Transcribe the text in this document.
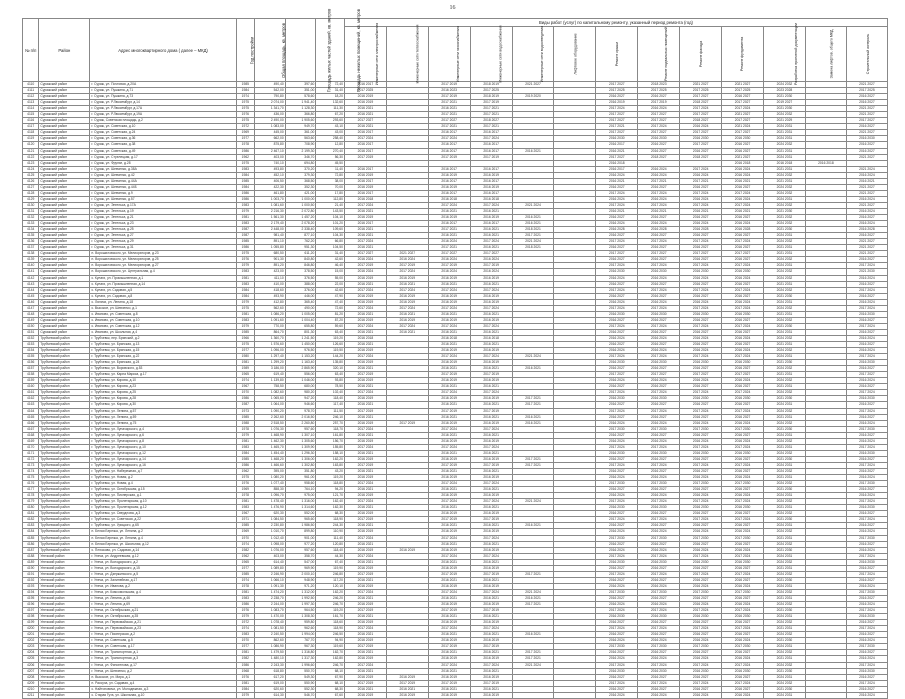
16
№ п/п	Район	Адрес многоквартирного дома ( далее – МКД)	Год постройки	Общая площадь, кв. метров	Площадь жилых частей зданий, кв. метров	Площадь нежилых помещений, кв. метров	Виды работ (услуг) по капитальному ремонту, указанный период ремонта (год)												
							Инженерные сети электроснабжения	Инженерные сети теплоснабжения	Инженерные сети газоснабжения	Инженерные сети водоснабжения	Инженерные сети водоотведения	Лифтовое оборудование	Ремонт крыши	Ремонт подвальных помещений	Ремонт фасада	Ремонт фундамента	Разработка проектной документации	Замена лифтов, общего МКД	Строительный контроль
4110	Суражский район	г. Сураж, ул. Почтовая, д.20А	1985	490,40	397,60	72,40	2016 2017		2017 2019	2018 2019	2021 2027		2017 2027	2018 2023	2021 2027	2021 2027	2024 2032		2021 2027
4111	Суражский район	г. Сураж, ул. Пушкина, д.71	1984	542,00	351,00	31,40	2017 2025		2016 2023	2017 2025			2017 2025	2017 2025	2017 2025	2017 2025	2023 2028		2017 2025
4112	Суражский район	г. Сураж, ул. Пушкина, д.73	1974	790,80	578,60	18,20	2016 2019		2017 2019	2018 2019	2019 2020		2016 2027	2016 2027	2017 2027	2016 2027	2021 2030		2016 2027
4113	Суражский район	г. Сураж, ул. Р.Люксембург, д.14	1975	2 074,00	1 941,40	132,60	2016 2019		2017 2021	2017 2019			2016 2019	2017 2019	2018 2027	2017 2027	2019 2027		2016 2027
4114	Суражский район	г. Сураж, ул. Р.Люксембург, д.17А	1975	1 341,70	1 128,30	111,30	2016 2021		2016 2021	2017 2021			2017 2024	2016 2024	2017 2024	2017 2024	2021 2030		2021 2027
4115	Суражский район	г. Сураж, ул. Р.Люксембург, д.19А	1976	436,00	366,80	67,20	2016 2021		2017 2021	2017 2021			2017 2027	2017 2027	2017 2027	2021 2027	2024 2032		2021 2027
4116	Суражский район	г. Сураж, Советская площадь, д.2	1975	2 490,00	1 905,60	293,60	2017 2027		2017 2027	2018 2027			2017 2027	2017 2027	2018 2027	2017 2027	2021 2029		2017 2027
4117	Суражский район	г. Сураж, ул. Советская, д.10	1972	1 083,00	949,70	43,10	2016 2021		2017 2021	2017 2021			2017 2021	2017 2024	2016 2024	2021 2024	2024 2031		2016 2027
4118	Суражский район	г. Сураж, ул. Советская, д.24	1969	445,00	361,00	43,00	2016 2017		2016 2017	2016 2017			2017 2027	2017 2027	2017 2027	2017 2027	2021 2031		2021 2027
4119	Суражский район	г. Сураж, ул. Советская, д.36	1977	662,00	563,60	258,40	2017 2024		2017 2024	2017 2024			2016 2030	2016 2030	2016 2030	2016 2030	2024 2031		2016 2030
4120	Суражский район	г. Сураж, ул. Советская, д.38	1978	875,80	708,90	12,80	2016 2017		2016 2017	2016 2017			2016 2017	2016 2027	2017 2027	2016 2027	2024 2032		2016 2027
4121	Суражский район	г. Сураж, ул. Советская, д.49	1986	2 467,10	2 199,30	270,40	2016 2017		2016 2017	2016 2017	2016 2021		2016 2021	2016 2027	2016 2027	2016 2027	2021 2031		2016 2027
4122	Суражский район	г. Сураж, ул. Стрелецкая, д.17	1962	403,00	346,70	56,30	2017 2019		2017 2019	2017 2019			2017 2027	2018 2027	2018 2027	2021 2027	2024 2031		2021 2027
4123	Суражский район	г. Сураж, ул. Фрунзе, д.28	1975	740,10	694,80	45,50							2016 2018			2016 2018	2016 2018	2016 2018	
4124	Суражский район	г. Сураж, ул. Шевченко, д.38А	1983	493,80	370,20	11,40	2016 2017		2016 2017	2016 2017			2016 2017	2016 2024	2017 2024	2016 2024	2021 2031		2021 2024
4125	Суражский район	г. Сураж, ул. Шевченко, д.42	1984	452,10	379,30	72,80	2016 2019		2016 2019	2016 2019			2016 2024	2016 2024	2016 2024	2016 2024	2024 2032		2016 2024
4126	Суражский район	г. Сураж, ул. Шевченко, д.44А	1985	406,50	368,50	38,00	2016 2017		2016 2017	2016 2017			2016 2021	2017 2021	2017 2021	2016 2021	2021 2031		2016 2021
4127	Суражский район	г. Сураж, ул. Шевченко, д.44Б	1984	422,30	352,30	70,00	2016 2019		2016 2019	2016 2019			2016 2027	2016 2027	2016 2027	2016 2027	2024 2032		2021 2027
4128	Суражский район	г. Сураж, ул. Шевченко, д.9	1986	461,80	421,00	17,80	2016 2017		2016 2017	2016 2017			2017 2024	2017 2024	2017 2024	2017 2024	2024 2032		2021 2027
4129	Суражский район	г. Сураж, ул. Шевченко, д.57	1986	1 003,70	1 000,00	112,80	2016 2018		2016 2018	2016 2018			2016 2024	2016 2024	2016 2024	2016 2024	2024 2031		2016 2024
4130	Суражский район	г. Сураж, ул. Энгельса, д.17А	1983	1 081,60	1 000,50	21,40	2017 2024		2017 2024	2017 2024	2021 2024		2017 2024	2017 2024	2017 2024	2017 2024	2024 2032		2021 2027
4131	Суражский район	г. Сураж, ул. Энгельса, д.19	1979	2 216,30	2 072,80	143,50	2016 2021		2016 2021	2016 2021			2016 2021	2016 2021	2016 2021	2016 2021	2021 2030		2016 2024
4132	Суражский район	г. Сураж, ул. Энгельса, д.21	1981	1 561,30	1 457,20	104,10	2016 2019		2016 2019	2016 2019	2016 2021		2016 2027	2016 2027	2016 2027	2016 2027	2021 2032		2016 2027
4133	Суражский район	г. Сураж, ул. Энгельса, д.23	1983	2 179,40	2 078,20	101,20	2016 2017		2016 2017	2016 2017	2016 2021		2016 2024	2016 2024	2016 2024	2016 2024	2024 2032		2016 2024
4134	Суражский район	г. Сураж, ул. Энгельса, д.25	1987	2 448,00	2 338,40	109,60	2016 2021		2017 2021	2016 2021	2018 2021		2016 2028	2016 2028	2016 2028	2016 2028	2021 2030		2016 2028
4135	Суражский район	г. Сураж, ул. Энгельса, д.27	1987	981,40	877,10	104,30	2016 2021		2016 2021	2016 2021	2017 2021		2016 2027	2016 2027	2016 2027	2016 2027	2024 2031		2016 2027
4136	Суражский район	г. Сураж, ул. Энгельса, д.29	1985	891,10	762,20	66,80	2017 2024		2016 2024	2017 2024	2021 2024		2017 2024	2017 2024	2017 2024	2017 2024	2024 2032		2021 2027
4137	Суражский район	г. Сураж, ул. Энгельса, д.31	1986	1 055,80	951,30	104,50	2016 2021		2017 2021	2016 2021	2018 2021		2016 2027	2016 2027	2016 2027	2016 2027	2021 2031		2021 2027
4138	Суражский район	п. Ворошиловского, ул. Мелиораторов, д.23	1975	680,50	611,20	31,40	2017 2027	2021 2027	2017 2027	2017 2027			2017 2027	2017 2027	2017 2027	2017 2027	2021 2031		2021 2027
4139	Суражский район	п. Ворошиловского, ул. Мелиораторов, д.25	1976	901,30	840,80	42,60	2016 2024	2016 2024	2016 2024	2016 2024			2016 2027	2016 2027	2016 2027	2016 2027	2024 2032		2016 2027
4140	Суражский район	п. Ворошиловского, ул. Мелиораторов, д.27	1979	891,20	846,80	46,40	2017 2019	2017 2019	2017 2019	2017 2019			2017 2024	2017 2024	2017 2024	2017 2024	2024 2031		2017 2024
4141	Суражский район	п. Ворошиловского, ул. Центральная, д.4	1983	423,00	378,50	15,00	2016 2024	2017 2024	2016 2024	2016 2024			2016 2030	2016 2030	2016 2030	2016 2030	2024 2032		2021 2030
4142	Суражский район	с. Кулаги, ул. Промышленная, д.1	1981	411,10	376,50	55,00	2016 2019	2016 2019	2016 2019	2016 2019			2016 2024	2016 2024	2016 2024	2016 2024	2024 2032		2016 2024
4143	Суражский район	с. Кулаги, ул. Промышленная, д.14	1983	410,00	388,00	22,00	2016 2021	2016 2021	2016 2021	2016 2021			2016 2027	2016 2027	2016 2027	2016 2027	2021 2031		2016 2027
4144	Суражский район	с. Кулаги, ул. Садовая, д.5	1984	418,60	376,00	42,60	2017 2024	2017 2024	2017 2024	2017 2024			2017 2024	2017 2024	2017 2024	2017 2024	2024 2032		2017 2024
4145	Суражский район	с. Кулаги, ул. Садовая, д.8	1984	493,90	446,00	47,90	2016 2019	2016 2019	2016 2019	2016 2019			2016 2027	2016 2027	2016 2027	2016 2027	2021 2030		2016 2027
4146	Суражский район	с. Ляличи, ул. Ленина, д.18	1979	412,80	365,40	47,40	2016 2019	2016 2019	2016 2019	2016 2019			2016 2024	2016 2024	2016 2024	2016 2024	2024 2031		2016 2024
4147	Суражский район	с. Высокое, ул. Шевченко, д.1	1975	562,60	490,00	72,60	2017 2024	2017 2024	2017 2024	2017 2024			2017 2024	2017 2024	2017 2024	2017 2024	2024 2032		2017 2024
4148	Суражский район	с. Иваново, ул. Советская, д.8	1981	1 086,20	1 005,00	81,20	2016 2021	2016 2021	2016 2021	2016 2021			2016 2030	2016 2030	2016 2030	2016 2030	2021 2031		2016 2030
4149	Суражский район	с. Иваново, ул. Советская, д.10	1983	1 091,60	1 004,40	87,20	2016 2019	2016 2019	2016 2019	2016 2019			2016 2027	2016 2027	2016 2027	2016 2027	2024 2032		2016 2027
4150	Суражский район	с. Иваново, ул. Советская, д.12	1979	770,00	655,80	59,60	2017 2024	2017 2024	2017 2024	2017 2024			2017 2024	2017 2024	2017 2024	2017 2024	2021 2030		2017 2024
4151	Суражский район	с. Иваново, ул. Школьная, д.4	1985	864,70	801,30	63,40	2016 2021	2016 2021	2016 2021	2016 2021			2016 2027	2016 2027	2016 2027	2016 2027	2024 2031		2016 2027
4152	Трубчевский район	г. Трубчевск, пер. Брянский, д.2	1966	1 360,70	1 241,50	119,20	2016 2018		2016 2018	2016 2018			2016 2024	2016 2024	2016 2024	2016 2024	2024 2032		2016 2024
4153	Трубчевский район	г. Трубчевск, ул. Брянская, д.13	1975	1 576,60	1 450,00	126,60	2016 2021		2016 2021	2016 2021			2016 2027	2016 2027	2016 2027	2016 2027	2021 2031		2016 2027
4154	Трубчевский район	г. Трубчевск, ул. Брянская, д.15	1977	1 096,00	976,50	119,50	2016 2019		2016 2019	2016 2019			2016 2024	2016 2024	2016 2024	2016 2024	2024 2032		2016 2024
4155	Трубчевский район	г. Трубчевск, ул. Брянская, д.22	1980	1 297,40	1 153,20	144,20	2017 2024		2017 2024	2017 2024	2021 2024		2017 2024	2017 2024	2017 2024	2017 2024	2024 2031		2017 2024
4156	Трубчевский район	г. Трубчевск, ул. Брянская, д.24	1981	1 299,20	1 163,40	135,80	2016 2019		2016 2019	2016 2019			2016 2030	2016 2030	2016 2030	2016 2030	2021 2030		2016 2030
4157	Трубчевский район	г. Трубчевск, ул. Воровского, д.53	1989	3 186,00	2 865,90	320,10	2016 2021		2016 2021	2016 2021	2016 2021		2016 2027	2016 2027	2016 2027	2016 2027	2024 2032		2016 2027
4158	Трубчевский район	г. Трубчевск, ул. Карла Маркса, д.17	1965	619,40	556,00	63,40	2017 2019		2017 2019	2017 2019			2017 2027	2017 2027	2017 2027	2017 2027	2021 2031		2017 2027
4159	Трубчевский район	г. Трубчевск, ул. Кирова, д.10	1974	1 139,80	1 046,00	93,80	2016 2019		2016 2019	2016 2019			2016 2024	2016 2024	2016 2024	2016 2024	2024 2032		2016 2024
4160	Трубчевский район	г. Трубчевск, ул. Кирова, д.23	1967	758,50	680,00	78,50	2016 2021		2016 2021	2016 2021			2016 2027	2016 2027	2016 2027	2016 2027	2021 2031		2016 2027
4161	Трубчевский район	г. Трубчевск, ул. Кирова, д.25	1970	1 082,60	980,20	102,40	2017 2024		2017 2024	2017 2024			2017 2024	2017 2024	2017 2024	2017 2024	2024 2032		2017 2024
4162	Трубчевский район	г. Трубчевск, ул. Кирова, д.28	1986	1 065,60	947,20	118,40	2016 2019		2016 2019	2016 2019	2017 2021		2016 2030	2016 2030	2016 2030	2016 2030	2021 2030		2016 2030
4163	Трубчевский район	г. Трубчевск, ул. Кирова, д.30	1987	1 064,00	946,60	117,40	2016 2021		2016 2021	2016 2021	2017 2021		2016 2027	2016 2027	2016 2027	2016 2027	2024 2031		2016 2027
4164	Трубчевский район	г. Трубчевск, ул. Ленина, д.57	1973	1 090,20	978,70	111,50	2017 2019		2017 2019	2017 2019			2017 2024	2017 2024	2017 2024	2017 2024	2024 2032		2017 2024
4165	Трубчевский район	г. Трубчевск, ул. Ленина, д.59	1985	2 262,60	2 016,50	246,10	2016 2021		2016 2021	2016 2021	2016 2021		2016 2027	2016 2027	2016 2027	2016 2027	2021 2031		2016 2027
4166	Трубчевский район	г. Трубчевск, ул. Ленина, д.75	1988	2 518,50	2 260,80	257,70	2016 2019	2017 2019	2016 2019	2016 2019	2016 2021		2016 2024	2016 2024	2016 2024	2016 2024	2024 2032		2016 2024
4167	Трубчевский район	г. Трубчевск, ул. Луначарского, д.4	1978	1 076,30	957,60	118,70	2017 2024		2017 2024	2017 2024			2017 2030	2017 2030	2017 2030	2017 2030	2021 2030		2017 2030
4168	Трубчевский район	г. Трубчевск, ул. Луначарского, д.6	1979	1 468,90	1 307,10	161,80	2016 2021		2016 2021	2016 2021			2016 2027	2016 2027	2016 2027	2016 2027	2024 2031		2016 2027
4169	Трубчевский район	г. Трубчевск, ул. Луначарского, д.8	1981	1 462,30	1 305,60	156,70	2016 2019		2016 2019	2016 2019			2016 2024	2016 2024	2016 2024	2016 2024	2024 2032		2016 2024
4170	Трубчевский район	г. Трубчевск, ул. Луначарского, д.10	1983	1 465,70	1 309,90	155,80	2017 2024		2017 2024	2017 2024			2017 2024	2017 2024	2017 2024	2017 2024	2021 2031		2017 2024
4171	Трубчевский район	г. Трубчевск, ул. Луначарского, д.12	1984	1 454,40	1 296,30	158,10	2016 2021		2016 2021	2016 2021			2016 2030	2016 2030	2016 2030	2016 2030	2024 2032		2016 2030
4172	Трубчевский район	г. Трубчевск, ул. Луначарского, д.14	1985	1 468,20	1 306,00	162,20	2016 2019		2016 2019	2016 2019	2017 2021		2016 2027	2016 2027	2016 2027	2016 2027	2021 2030		2016 2027
4173	Трубчевский район	г. Трубчевск, ул. Луначарского, д.16	1986	1 466,60	1 302,80	163,80	2017 2019		2017 2019	2017 2019	2017 2021		2017 2024	2017 2024	2017 2024	2017 2024	2024 2031		2017 2024
4174	Трубчевский район	г. Трубчевск, ул. Набережная, д.7	1962	395,00	351,80	43,20	2016 2021		2016 2021	2016 2021			2016 2027	2016 2027	2016 2027	2016 2027	2024 2032		2016 2027
4175	Трубчевский район	г. Трубчевск, ул. Новая, д.2	1975	1 080,20	961,00	119,20	2016 2019		2016 2019	2016 2019			2016 2024	2016 2024	2016 2024	2016 2024	2021 2031		2016 2024
4176	Трубчевский район	г. Трубчевск, ул. Новая, д.4	1976	1 077,40	958,60	118,80	2017 2024		2017 2024	2017 2024			2017 2030	2017 2030	2017 2030	2017 2030	2024 2032		2017 2030
4177	Трубчевский район	г. Трубчевск, ул. Октябрьская, д.15	1969	858,30	764,10	94,20	2016 2021		2016 2021	2016 2021			2016 2027	2016 2027	2016 2027	2016 2027	2021 2030		2016 2027
4178	Трубчевский район	г. Трубчевск, ул. Пионерская, д.1	1978	1 096,70	975,00	121,70	2016 2019		2016 2019	2016 2019			2016 2024	2016 2024	2016 2024	2016 2024	2024 2031		2016 2024
4179	Трубчевский район	г. Трубчевск, ул. Пролетарская, д.10	1981	1 478,40	1 316,00	162,40	2017 2024		2017 2024	2017 2024	2021 2024		2017 2024	2017 2024	2017 2024	2017 2024	2024 2032		2017 2024
4180	Трубчевский район	г. Трубчевск, ул. Пролетарская, д.12	1983	1 476,90	1 314,60	162,30	2016 2021		2016 2021	2016 2021			2016 2030	2016 2030	2016 2030	2016 2030	2021 2031		2016 2030
4181	Трубчевский район	г. Трубчевск, ул. Свердлова, д.3	1967	620,30	552,00	68,30	2016 2019		2016 2019	2016 2019			2016 2027	2016 2027	2016 2027	2016 2027	2024 2032		2016 2027
4182	Трубчевский район	г. Трубчевск, ул. Советская, д.22	1971	1 084,50	965,60	118,90	2017 2019		2017 2019	2017 2019			2017 2024	2017 2024	2017 2024	2017 2024	2021 2030		2017 2024
4183	Трубчевский район	г. Трубчевск, ул. Урицкого, д.65	1985	2 230,80	1 986,50	244,30	2016 2021		2016 2021	2016 2021	2016 2021		2016 2027	2016 2027	2016 2027	2016 2027	2024 2031		2016 2027
4184	Трубчевский район	п. Белая Березка, ул. Ленина, д.2	1969	1 010,70	899,80	110,90	2016 2019		2016 2019	2016 2019			2016 2024	2016 2024	2016 2024	2016 2024	2024 2032		2016 2024
4185	Трубчевский район	п. Белая Березка, ул. Ленина, д.4	1970	1 012,40	901,00	111,40	2017 2024		2017 2024	2017 2024			2017 2030	2017 2030	2017 2030	2017 2030	2021 2031		2017 2030
4186	Трубчевский район	п. Белая Березка, ул. Школьная, д.12	1974	1 098,00	977,20	120,80	2016 2021		2016 2021	2016 2021			2016 2027	2016 2027	2016 2027	2016 2027	2024 2032		2016 2027
4187	Трубчевский район	с. Плюсково, ул. Садовая, д.14	1982	1 076,00	957,60	118,40	2016 2019	2016 2019	2016 2019	2016 2019			2016 2024	2016 2024	2016 2024	2016 2024	2021 2030		2016 2024
4188	Унечский район	г. Унеча, ул. Андреевская, д.12	1962	403,00	358,70	44,30	2017 2024		2017 2024	2017 2024			2017 2024	2017 2024	2017 2024	2017 2024	2024 2031		2017 2024
4189	Унечский район	г. Унеча, ул. Володарского, д.2	1965	614,40	547,00	67,40	2016 2021		2016 2021	2016 2021			2016 2030	2016 2030	2016 2030	2016 2030	2024 2032		2016 2030
4190	Унечский район	г. Унеча, ул. Володарского, д.15	1977	1 089,80	969,90	119,90	2016 2019		2016 2019	2016 2019			2016 2027	2016 2027	2016 2027	2016 2027	2021 2031		2016 2027
4191	Унечский район	г. Унеча, ул. Дзержинского, д.5	1985	2 246,90	2 000,10	246,80	2017 2019		2017 2019	2017 2019	2017 2021		2017 2024	2017 2024	2017 2024	2017 2024	2024 2032		2017 2024
4192	Унечский район	г. Унеча, ул. Залинейная, д.17	1974	1 066,10	948,90	117,20	2016 2021		2016 2021	2016 2021			2016 2027	2016 2027	2016 2027	2016 2027	2021 2030		2016 2027
4193	Унечский район	г. Унеча, ул. Иванова, д.2	1978	1 091,30	971,20	120,10	2016 2019		2016 2019	2016 2019			2016 2024	2016 2024	2016 2024	2016 2024	2024 2031		2016 2024
4194	Унечский район	г. Унеча, ул. Комсомольская, д.4	1981	1 474,20	1 312,00	162,20	2017 2024		2017 2024	2017 2024	2021 2024		2017 2030	2017 2030	2017 2030	2017 2030	2024 2032		2017 2030
4195	Унечский район	г. Унеча, ул. Ленина, д.46	1983	2 238,70	1 992,50	246,20	2016 2021		2016 2021	2016 2021	2016 2021		2016 2027	2016 2027	2016 2027	2016 2027	2021 2031		2016 2027
4196	Унечский район	г. Унеча, ул. Ленина, д.69	1986	2 244,00	1 997,30	246,70	2016 2019		2016 2019	2016 2019	2017 2021		2016 2024	2016 2024	2016 2024	2016 2024	2024 2032		2016 2024
4197	Унечский район	г. Унеча, ул. Октябрьская, д.21	1976	1 083,70	964,50	119,20	2017 2019		2017 2019	2017 2019			2017 2024	2017 2024	2017 2024	2017 2024	2021 2030		2017 2024
4198	Унечский район	г. Унеча, ул. Октябрьская, д.35	1979	1 470,00	1 308,30	161,70	2016 2021		2016 2021	2016 2021			2016 2030	2016 2030	2016 2030	2016 2030	2024 2031		2016 2030
4199	Унечский район	г. Унеча, ул. Первомайская, д.21	1972	1 078,40	959,80	118,60	2016 2019		2016 2019	2016 2019			2016 2027	2016 2027	2016 2027	2016 2027	2024 2032		2016 2027
4200	Унечский район	г. Унеча, ул. Первомайская, д.23	1974	1 081,50	962,60	118,90	2017 2024		2017 2024	2017 2024			2017 2024	2017 2024	2017 2024	2017 2024	2021 2031		2017 2024
4201	Унечский район	г. Унеча, ул. Пионерская, д.2	1983	2 240,50	1 994,00	246,50	2016 2021		2016 2021	2016 2021	2016 2021		2016 2027	2016 2027	2016 2027	2016 2027	2024 2032		2016 2027
4202	Унечский район	г. Унеча, ул. Советская, д.5	1970	862,60	767,70	94,90	2016 2019		2016 2019	2016 2019			2016 2024	2016 2024	2016 2024	2016 2024	2021 2030		2016 2024
4203	Унечский район	г. Унеча, ул. Советская, д.17	1977	1 086,90	967,30	119,60	2017 2019		2017 2019	2017 2019			2017 2030	2017 2030	2017 2030	2017 2030	2024 2031		2017 2030
4204	Унечский район	г. Унеча, ул. Транспортная, д.1	1981	1 479,50	1 316,80	162,70	2016 2021		2016 2021	2016 2021	2017 2021		2016 2027	2016 2027	2016 2027	2016 2027	2024 2032		2016 2027
4205	Унечский район	г. Унеча, ул. Транспортная, д.3	1982	1 480,10	1 317,30	162,80	2016 2019		2016 2019	2016 2019	2017 2021		2016 2024	2016 2024	2016 2024	2016 2024	2021 2031		2016 2024
4206	Унечский район	г. Унеча, ул. Финогенова, д.17	1986	2 243,30	1 996,60	246,70	2017 2024		2017 2024	2017 2024	2021 2024		2017 2024	2017 2024	2017 2024	2017 2024	2024 2032		2017 2024
4207	Унечский район	г. Унеча, ул. Шевченко, д.2	1968	618,80	550,70	68,10	2016 2021		2016 2021	2016 2021			2016 2030	2016 2030	2016 2030	2016 2030	2021 2030		2016 2030
4208	Унечский район	п. Высокое, ул. Мира, д.1	1976	617,20	549,30	67,90	2016 2019	2016 2019	2016 2019	2016 2019			2016 2027	2016 2027	2016 2027	2016 2027	2024 2031		2016 2027
4209	Унечский район	п. Рассуха, ул. Садовая, д.4	1981	619,00	550,90	68,10	2017 2019	2017 2019	2017 2019	2017 2019			2017 2024	2017 2024	2017 2024	2017 2024	2024 2032		2017 2024
4210	Унечский район	с. Найтоповичи, ул. Молодежная, д.3	1984	620,60	552,30	68,30	2016 2021	2016 2021	2016 2021	2016 2021			2016 2027	2016 2027	2016 2027	2016 2027	2021 2030		2016 2027
4211	Унечский район	с. Старая Гута, ул. Школьная, д.10	1979	614,30	546,70	67,60	2016 2019	2016 2019	2016 2019	2016 2019			2016 2024	2016 2024	2016 2024	2016 2024	2024 2031		2016 2024
